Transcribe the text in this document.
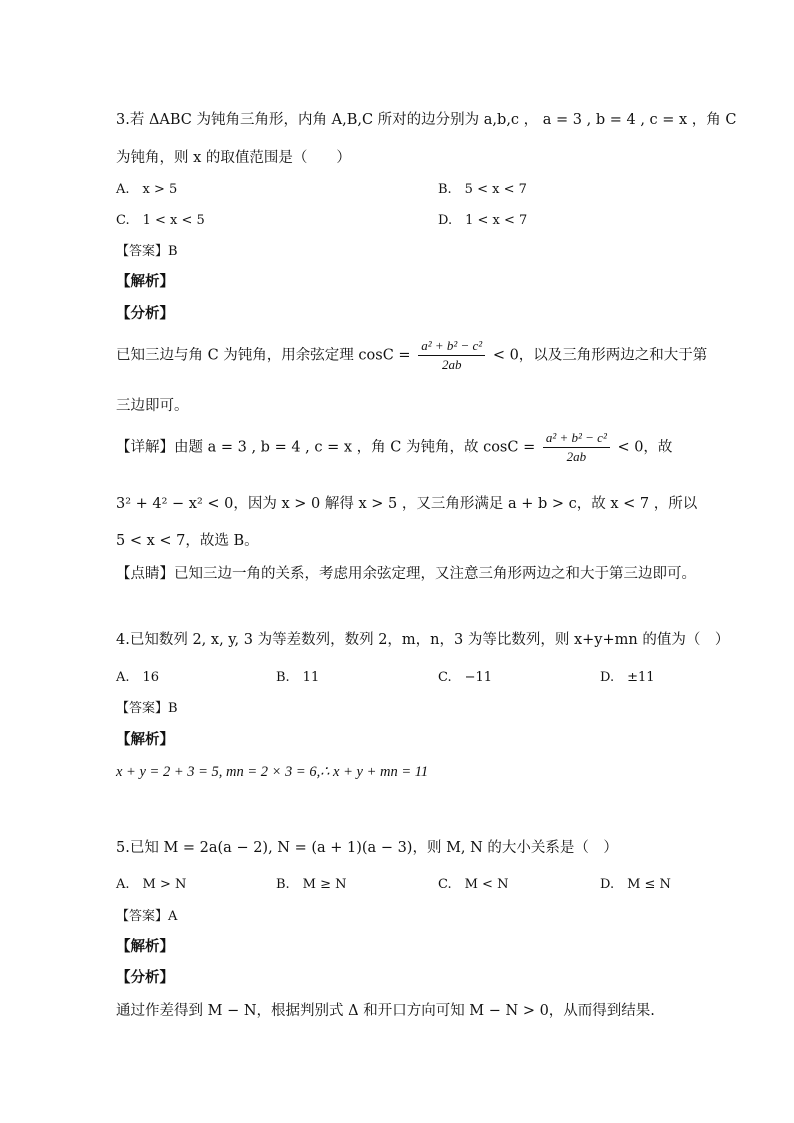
3.若 ΔABC 为钝角三角形，内角 A,B,C 所对的边分别为 a,b,c ， a = 3 , b = 4 , c = x ，角 C
为钝角，则 x 的取值范围是（　　）
A.　x > 5	B.　5 < x < 7
C.　1 < x < 5	D.　1 < x < 7
【答案】B
【解析】
【分析】
已知三边与角 C 为钝角，用余弦定理 $\cos C = \frac{\text{a² + b² − c²}}{2ab} < 0$，以及三角形两边之和大于第
三边即可。
【详解】由题 a = 3 , b = 4 , c = x ，角 C 为钝角，故 $\cos C = \frac{\text{a² + b² − c²}}{2ab} < 0$，故
3² + 4² − x² < 0，因为 x > 0 解得 x > 5 ，又三角形满足 a + b > c，故 x < 7 ，所以
5 < x < 7，故选 B。
【点睛】已知三边一角的关系，考虑用余弦定理，又注意三角形两边之和大于第三边即可。
4.已知数列 2, x, y, 3 为等差数列，数列 2，m，n，3 为等比数列，则 x+y+mn 的值为（　）
A.　16	B.　11	C.　−11	D.　±11
【答案】B
【解析】
x + y = 2 + 3 = 5, mn = 2 × 3 = 6,∴ x + y + mn = 11
5.已知 M = 2a(a − 2), N = (a + 1)(a − 3)，则 M, N 的大小关系是（　）
A.　M > N	B.　M ≥ N	C.　M < N	D.　M ≤ N
【答案】A
【解析】
【分析】
通过作差得到 M − N，根据判别式 Δ 和开口方向可知 M − N > 0，从而得到结果.
